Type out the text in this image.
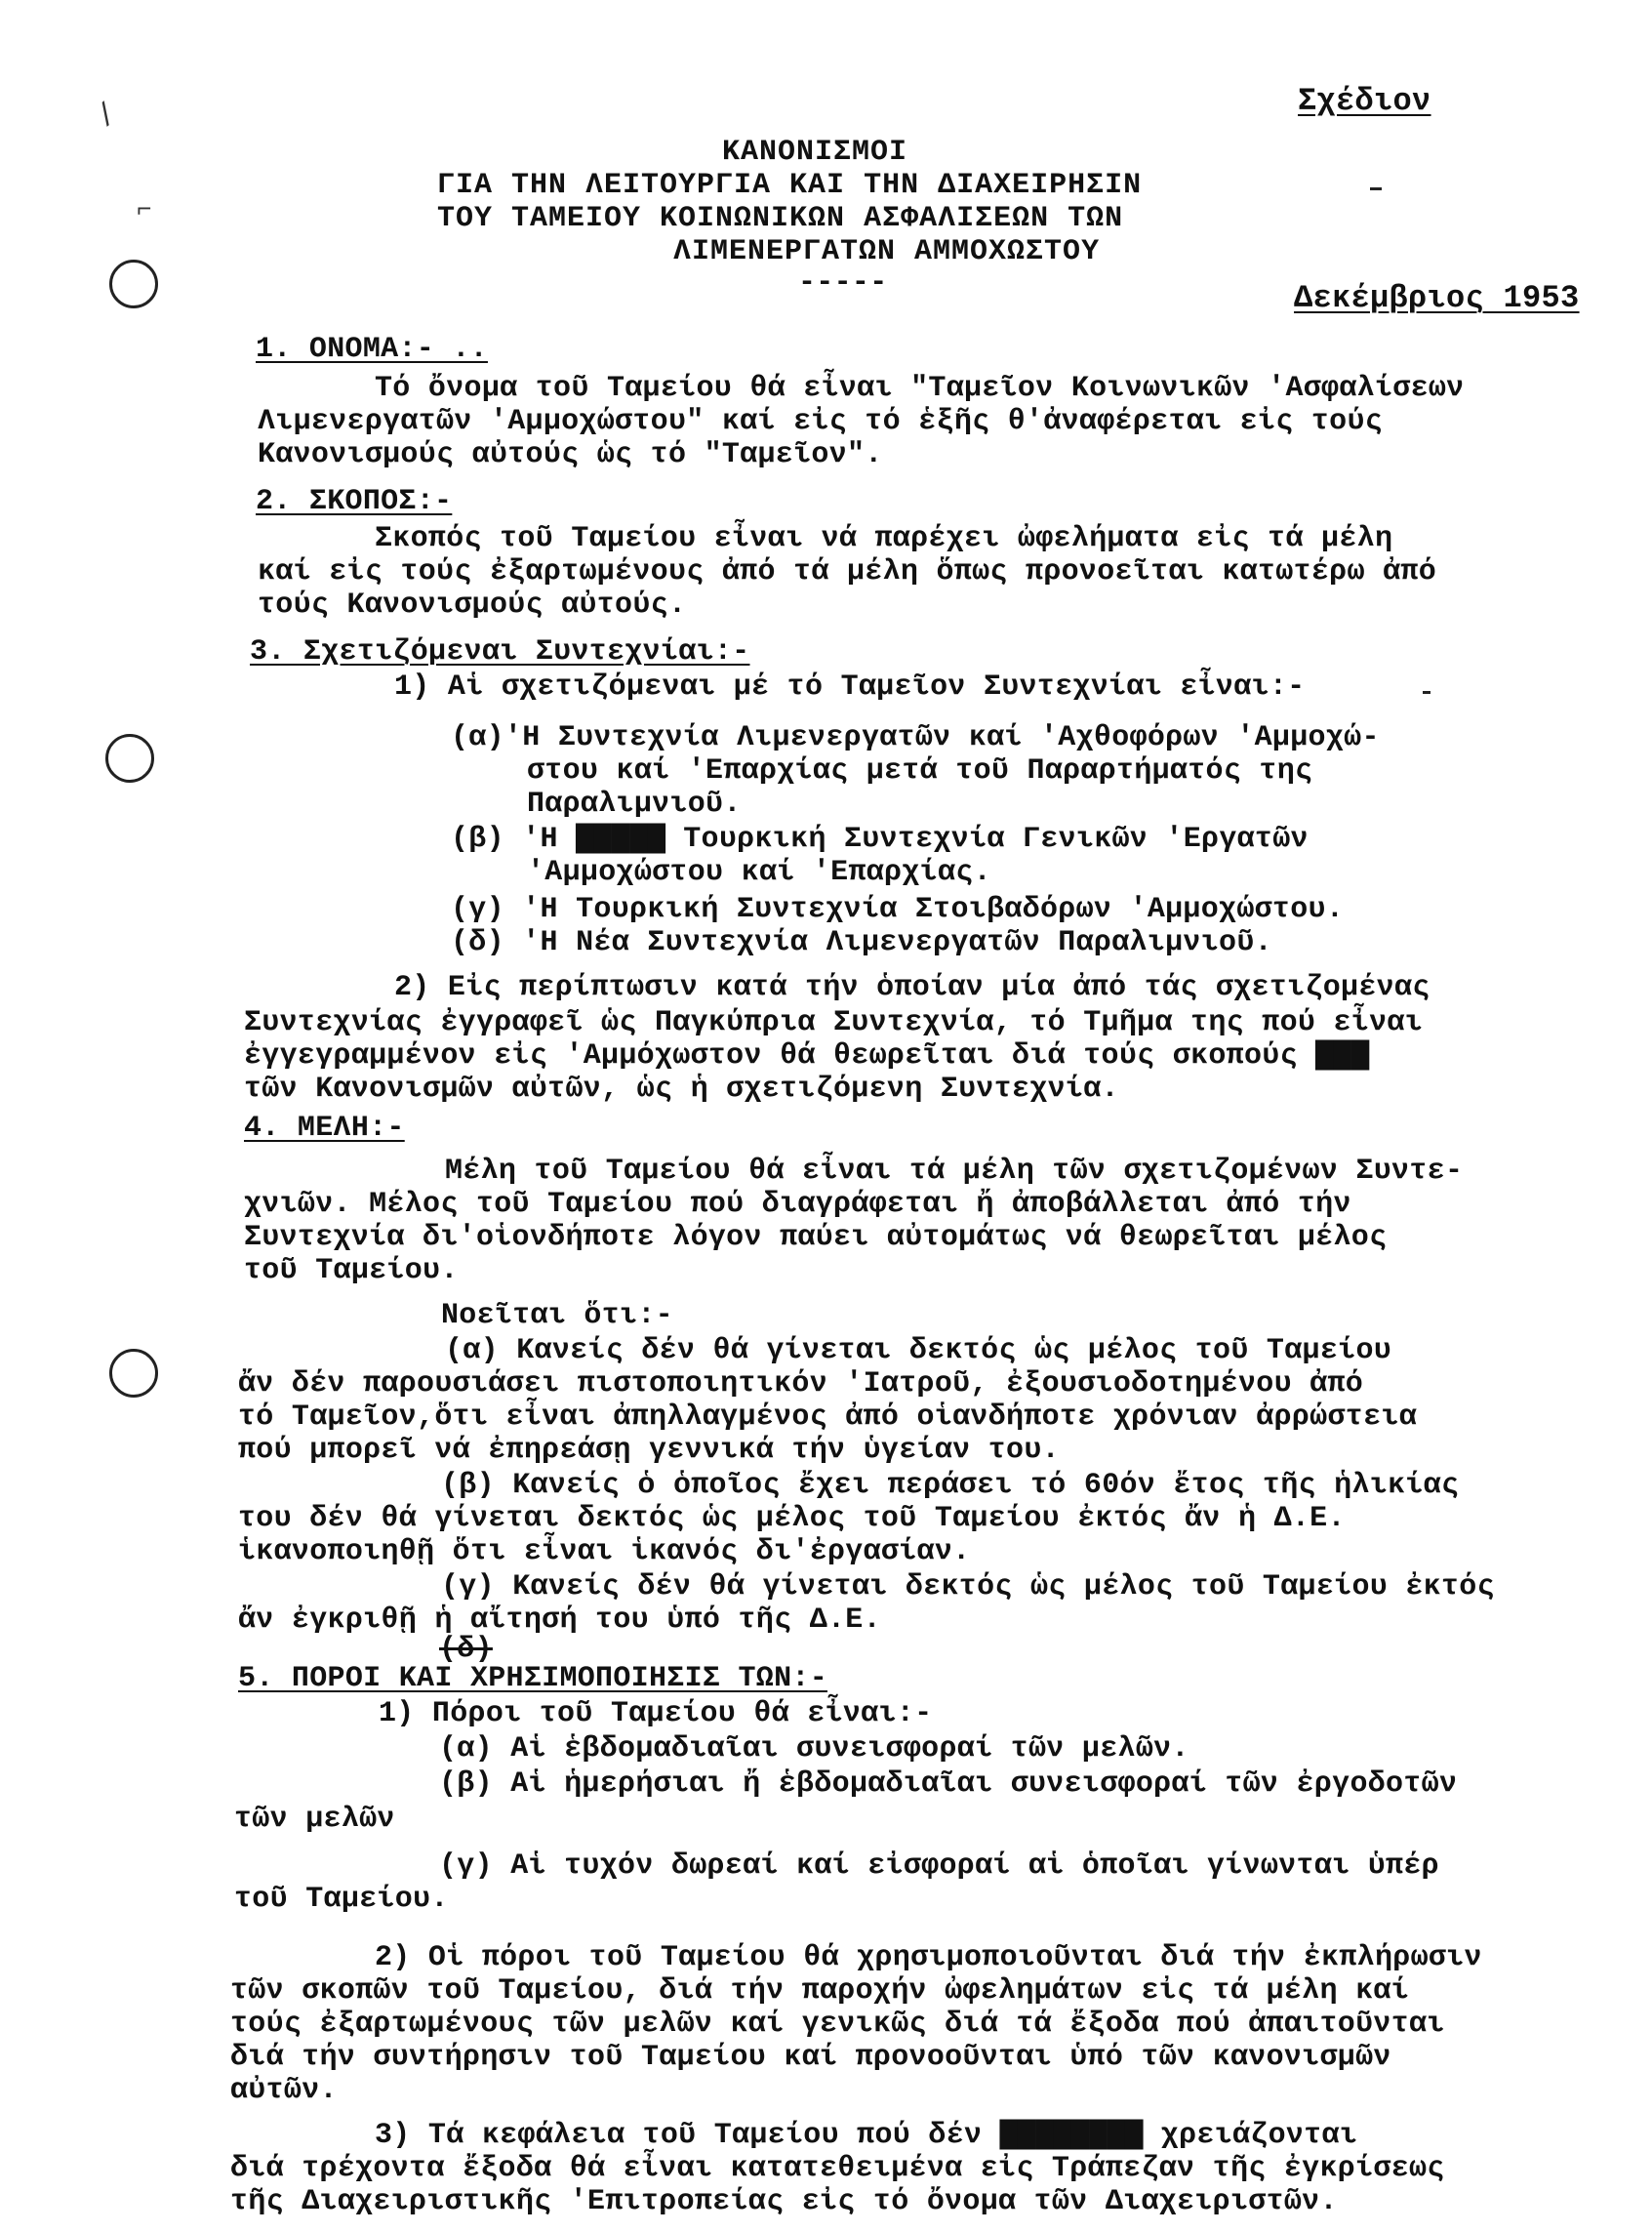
⁄
⌐
Σχέδιον
ΚΑΝΟΝΙΣΜΟΙ
ΓΙΑ ΤΗΝ ΛΕΙΤΟΥΡΓΙΑ ΚΑΙ ΤΗΝ ΔΙΑΧΕΙΡΗΣΙΝ
ΤΟΥ ΤΑΜΕΙΟΥ ΚΟΙΝΩΝΙΚΩΝ ΑΣΦΑΛΙΣΕΩΝ ΤΩΝ
ΛΙΜΕΝΕΡΓΑΤΩΝ ΑΜΜΟΧΩΣΤΟΥ
-----	Δεκέμβριος 1953
1. ΟΝΟΜΑ:- ..
Τό ὄνομα τοῦ Ταμείου θά εἶναι "Ταμεῖον Κοινωνικῶν 'Ασφαλίσεων
Λιμενεργατῶν 'Αμμοχώστου" καί εἰς τό ἑξῆς θ'ἀναφέρεται εἰς τούς
Κανονισμούς αὐτούς ὡς τό "Ταμεῖον".
2. ΣΚΟΠΟΣ:-
Σκοπός τοῦ Ταμείου εἶναι νά παρέχει ὠφελήματα εἰς τά μέλη
καί εἰς τούς ἐξαρτωμένους ἀπό τά μέλη ὅπως προνοεῖται κατωτέρω ἀπό
τούς Κανονισμούς αὐτούς.
3. Σχετιζόμεναι Συντεχνίαι:-
1) Αἱ σχετιζόμεναι μέ τό Ταμεῖον Συντεχνίαι εἶναι:-
(α)'Η Συντεχνία Λιμενεργατῶν καί 'Αχθοφόρων 'Αμμοχώ-
στου καί 'Επαρχίας μετά τοῦ Παραρτήματός της
Παραλιμνιοῦ.
(β) 'Η ▇▇▇▇▇ Τουρκική Συντεχνία Γενικῶν 'Εργατῶν
'Αμμοχώστου καί 'Επαρχίας.
(γ) 'Η Τουρκική Συντεχνία Στοιβαδόρων 'Αμμοχώστου.
(δ) 'Η Νέα Συντεχνία Λιμενεργατῶν Παραλιμνιοῦ.
2) Εἰς περίπτωσιν κατά τήν ὁποίαν μία ἀπό τάς σχετιζομένας
Συντεχνίας ἐγγραφεῖ ὡς Παγκύπρια Συντεχνία, τό Τμῆμα της πού εἶναι
ἐγγεγραμμένον εἰς 'Αμμόχωστον θά θεωρεῖται διά τούς σκοπούς ▇▇▇
τῶν Κανονισμῶν αὐτῶν, ὡς ἡ σχετιζόμενη Συντεχνία.
4. ΜΕΛΗ:-
Μέλη τοῦ Ταμείου θά εἶναι τά μέλη τῶν σχετιζομένων Συντε-
χνιῶν. Μέλος τοῦ Ταμείου πού διαγράφεται ἤ ἀποβάλλεται ἀπό τήν
Συντεχνία δι'οἱονδήποτε λόγον παύει αὐτομάτως νά θεωρεῖται μέλος
τοῦ Ταμείου.
Νοεῖται ὅτι:-
(α) Κανείς δέν θά γίνεται δεκτός ὡς μέλος τοῦ Ταμείου
ἄν δέν παρουσιάσει πιστοποιητικόν 'Ιατροῦ, ἐξουσιοδοτημένου ἀπό
τό Ταμεῖον,ὅτι εἶναι ἀπηλλαγμένος ἀπό οἱανδήποτε χρόνιαν ἀρρώστεια
πού μπορεῖ νά ἐπηρεάσῃ γεννικά τήν ὑγείαν του.
(β) Κανείς ὁ ὁποῖος ἔχει περάσει τό 60όν ἔτος τῆς ἡλικίας
του δέν θά γίνεται δεκτός ὡς μέλος τοῦ Ταμείου ἐκτός ἄν ἡ Δ.Ε.
ἱκανοποιηθῇ ὅτι εἶναι ἱκανός δι'ἐργασίαν.
(γ) Κανείς δέν θά γίνεται δεκτός ὡς μέλος τοῦ Ταμείου ἐκτός
ἄν ἐγκριθῇ ἡ αἴτησή του ὑπό τῆς Δ.Ε.
(δ)
5. ΠΟΡΟΙ ΚΑΙ ΧΡΗΣΙΜΟΠΟΙΗΣΙΣ ΤΩΝ:-
1) Πόροι τοῦ Ταμείου θά εἶναι:-
(α) Αἱ ἑβδομαδιαῖαι συνεισφοραί τῶν μελῶν.
(β) Αἱ ἡμερήσιαι ἤ ἑβδομαδιαῖαι συνεισφοραί τῶν ἐργοδοτῶν
τῶν μελῶν
(γ) Αἱ τυχόν δωρεαί καί εἰσφοραί αἱ ὁποῖαι γίνωνται ὑπέρ
τοῦ Ταμείου.
2) Οἱ πόροι τοῦ Ταμείου θά χρησιμοποιοῦνται διά τήν ἐκπλήρωσιν
τῶν σκοπῶν τοῦ Ταμείου, διά τήν παροχήν ὠφελημάτων εἰς τά μέλη καί
τούς ἐξαρτωμένους τῶν μελῶν καί γενικῶς διά τά ἔξοδα πού ἀπαιτοῦνται
διά τήν συντήρησιν τοῦ Ταμείου καί προνοοῦνται ὑπό τῶν κανονισμῶν
αὐτῶν.
3) Τά κεφάλεια τοῦ Ταμείου πού δέν ▇▇▇▇▇▇▇▇ χρειάζονται
διά τρέχοντα ἔξοδα θά εἶναι κατατεθειμένα εἰς Τράπεζαν τῆς ἐγκρίσεως
τῆς Διαχειριστικῆς 'Επιτροπείας εἰς τό ὄνομα τῶν Διαχειριστῶν.
